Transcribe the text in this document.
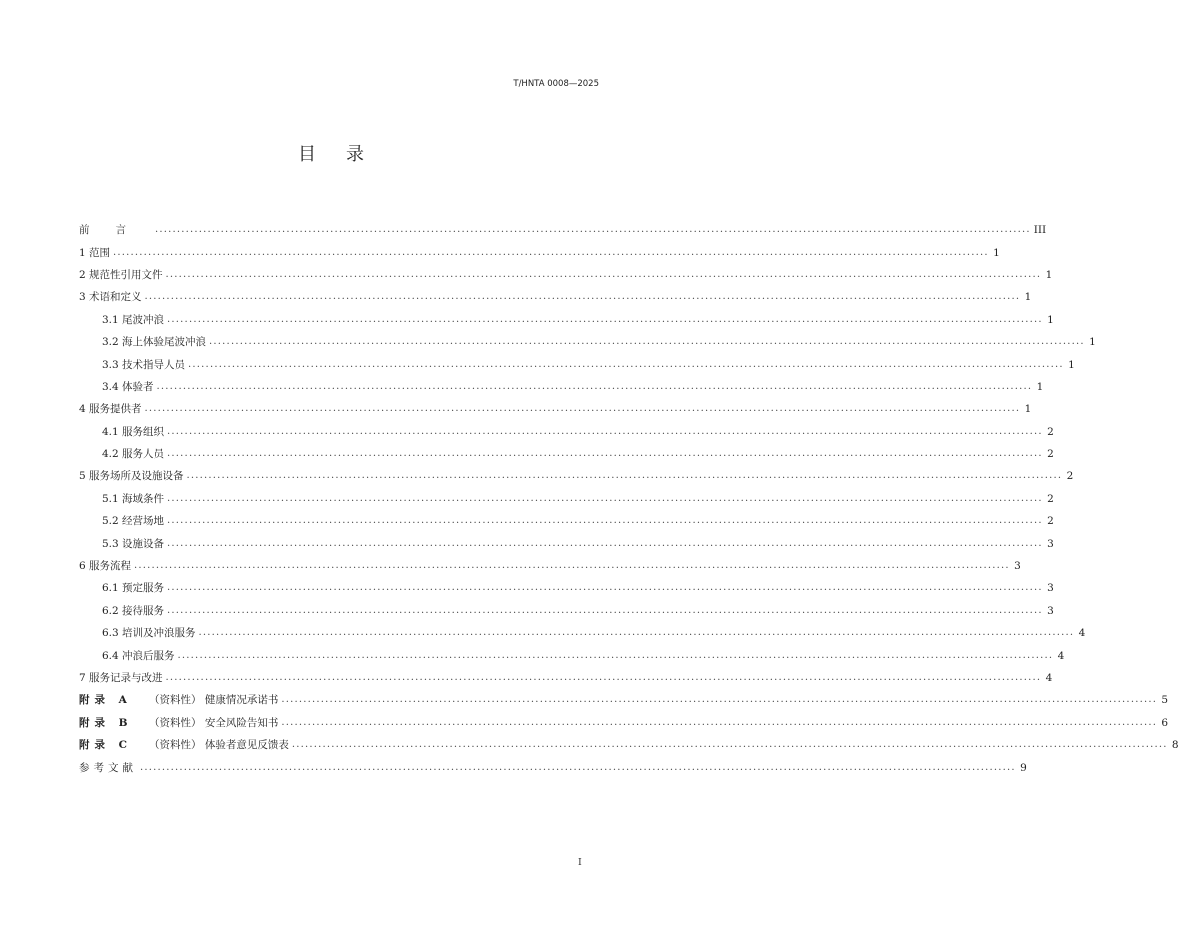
T/HNTA 0008—2025
目录
前言 ........................................................................................................................................................................................................ III
1 范围 ........................................................................................................................................................................................................ 1
2 规范性引用文件 ........................................................................................................................................................................................................ 1
3 术语和定义 ........................................................................................................................................................................................................ 1
3.1 尾波冲浪 ........................................................................................................................................................................................................ 1
3.2 海上体验尾波冲浪 ........................................................................................................................................................................................................ 1
3.3 技术指导人员 ........................................................................................................................................................................................................ 1
3.4 体验者 ........................................................................................................................................................................................................ 1
4 服务提供者 ........................................................................................................................................................................................................ 1
4.1 服务组织 ........................................................................................................................................................................................................ 2
4.2 服务人员 ........................................................................................................................................................................................................ 2
5 服务场所及设施设备 ........................................................................................................................................................................................................ 2
5.1 海域条件 ........................................................................................................................................................................................................ 2
5.2 经营场地 ........................................................................................................................................................................................................ 2
5.3 设施设备 ........................................................................................................................................................................................................ 3
6 服务流程 ........................................................................................................................................................................................................ 3
6.1 预定服务 ........................................................................................................................................................................................................ 3
6.2 接待服务 ........................................................................................................................................................................................................ 3
6.3 培训及冲浪服务 ........................................................................................................................................................................................................ 4
6.4 冲浪后服务 ........................................................................................................................................................................................................ 4
7 服务记录与改进 ........................................................................................................................................................................................................ 4
附录 A	（资料性） 健康情况承诺书 ........................................................................................................................................................................................................ 5
附录 B	（资料性） 安全风险告知书 ........................................................................................................................................................................................................ 6
附录 C	（资料性） 体验者意见反馈表 ........................................................................................................................................................................................................ 8
参考文献 ........................................................................................................................................................................................................ 9
I
